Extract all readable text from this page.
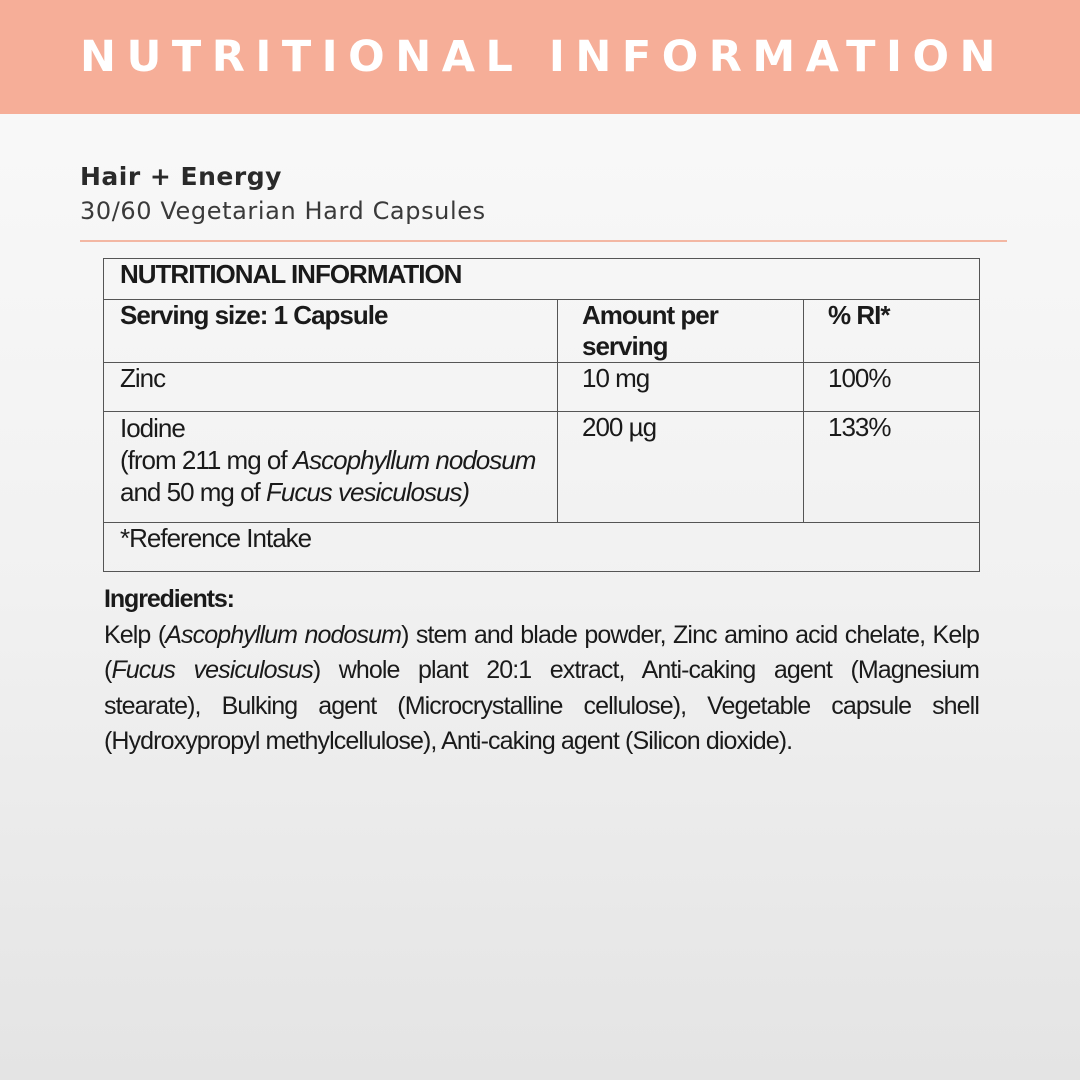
NUTRITIONAL INFORMATION
Hair + Energy
30/60 Vegetarian Hard Capsules
NUTRITIONAL INFORMATION		
Serving size: 1 Capsule	Amount per serving	% RI*
Zinc	10 mg	100%

Iodine
(from 211 mg of Ascophyllum nodosum and 50 mg of Fucus vesiculosus)	200 µg	133%
*Reference Intake		
Ingredients:
Kelp (Ascophyllum nodosum) stem and blade powder, Zinc amino acid chelate, Kelp (Fucus vesiculosus) whole plant 20:1 extract, Anti-caking agent (Magnesium stearate), Bulking agent (Microcrystalline cellulose), Vegetable capsule shell (Hydroxypropyl methylcellulose), Anti-caking agent (Silicon dioxide).
